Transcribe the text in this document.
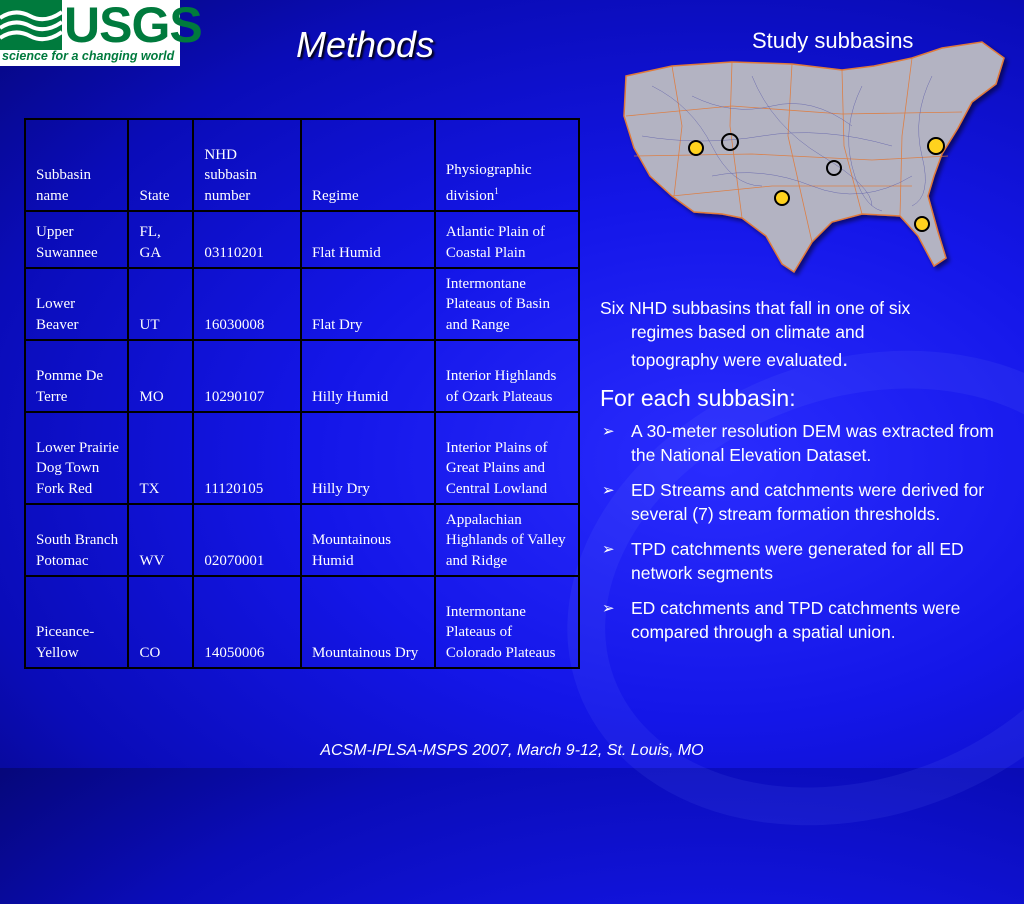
USGS
science for a changing world	Methods	Study subbasins
Subbasin name	State	NHD subbasin number	Regime	Physiographic division$^1$
Upper Suwannee	FL, GA	03110201	Flat Humid	Atlantic Plain of Coastal Plain
Lower Beaver	UT	16030008	Flat Dry	Intermontane Plateaus of Basin and Range
Pomme De Terre	MO	10290107	Hilly Humid	Interior Highlands of Ozark Plateaus
Lower Prairie Dog Town Fork Red	TX	11120105	Hilly Dry	Interior Plains of Great Plains and Central Lowland
South Branch Potomac	WV	02070001	Mountainous Humid	Appalachian Highlands of Valley and Ridge
Piceance-Yellow	CO	14050006	Mountainous Dry	Intermontane Plateaus of Colorado Plateaus
Six NHD subbasins that fall in one of six
regimes based on climate and
topography were evaluated.
For each subbasin:
➢ A 30-meter resolution DEM was extracted from the National Elevation Dataset.
➢ ED Streams and catchments were derived for several (7) stream formation thresholds.
➢ TPD catchments were generated for all ED network segments
➢ ED catchments and TPD catchments were compared through a spatial union.
ACSM-IPLSA-MSPS 2007, March 9-12, St. Louis, MO
